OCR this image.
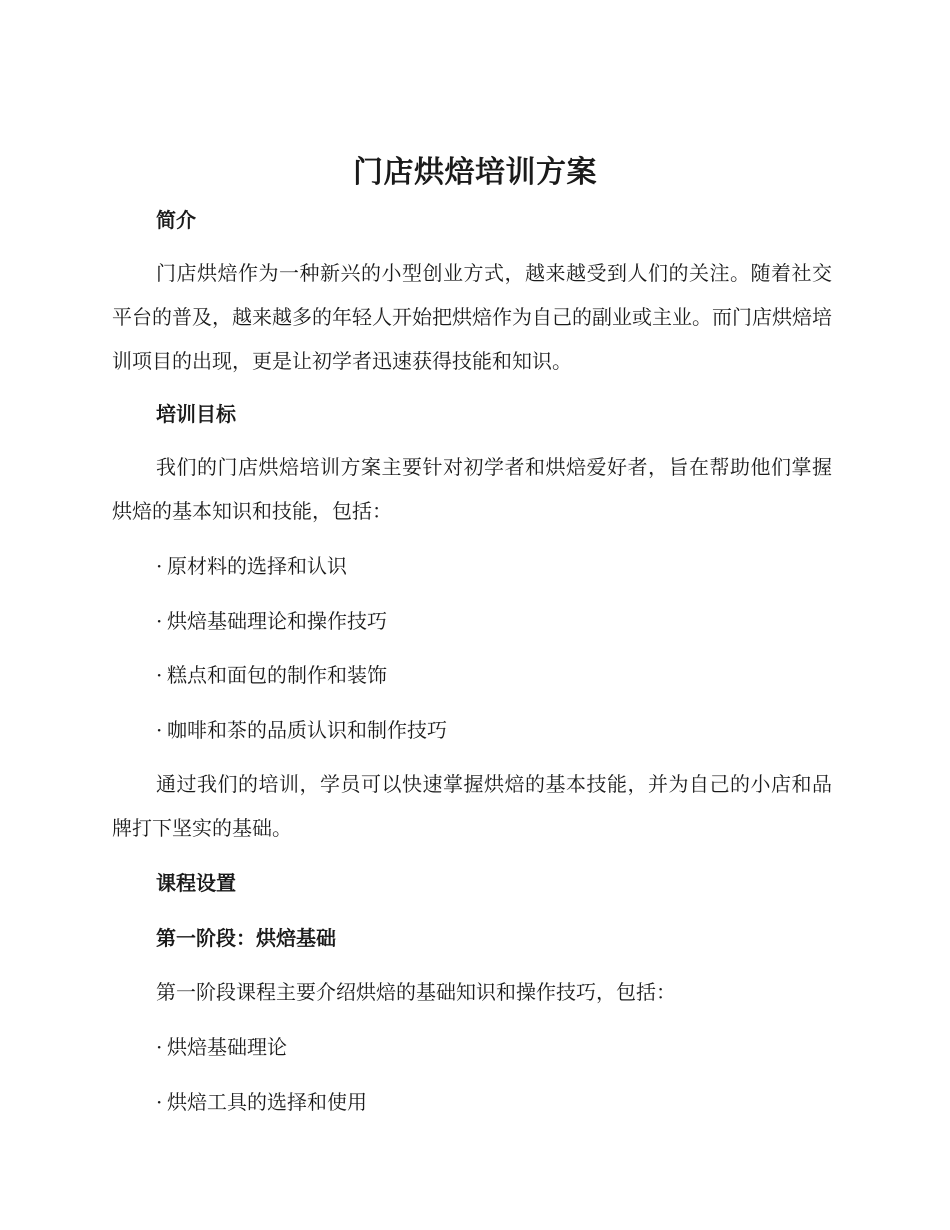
门店烘焙培训方案
简介
门店烘焙作为一种新兴的小型创业方式，越来越受到人们的关注。随着社交平台的普及，越来越多的年轻人开始把烘焙作为自己的副业或主业。而门店烘焙培训项目的出现，更是让初学者迅速获得技能和知识。
培训目标
我们的门店烘焙培训方案主要针对初学者和烘焙爱好者，旨在帮助他们掌握烘焙的基本知识和技能，包括：
· 原材料的选择和认识
· 烘焙基础理论和操作技巧
· 糕点和面包的制作和装饰
· 咖啡和茶的品质认识和制作技巧
通过我们的培训，学员可以快速掌握烘焙的基本技能，并为自己的小店和品牌打下坚实的基础。
课程设置
第一阶段：烘焙基础
第一阶段课程主要介绍烘焙的基础知识和操作技巧，包括：
· 烘焙基础理论
· 烘焙工具的选择和使用
